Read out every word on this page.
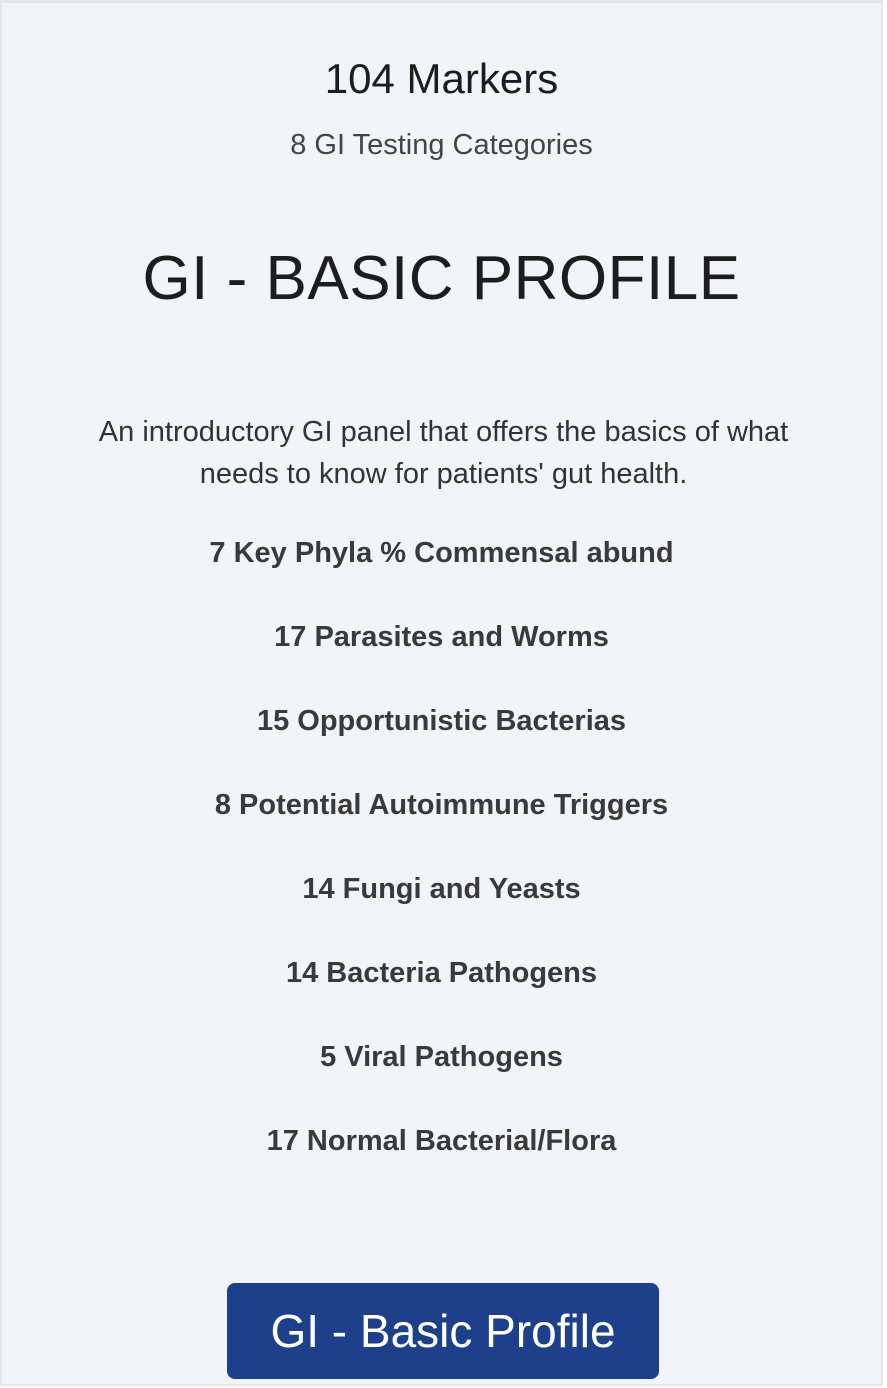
104 Markers
8 GI Testing Categories
GI - BASIC PROFILE
An introductory GI panel that offers the basics of what needs to know for patients' gut health.
7 Key Phyla % Commensal abund
17 Parasites and Worms
15 Opportunistic Bacterias
8 Potential Autoimmune Triggers
14 Fungi and Yeasts
14 Bacteria Pathogens
5 Viral Pathogens
17 Normal Bacterial/Flora
GI - Basic Profile
